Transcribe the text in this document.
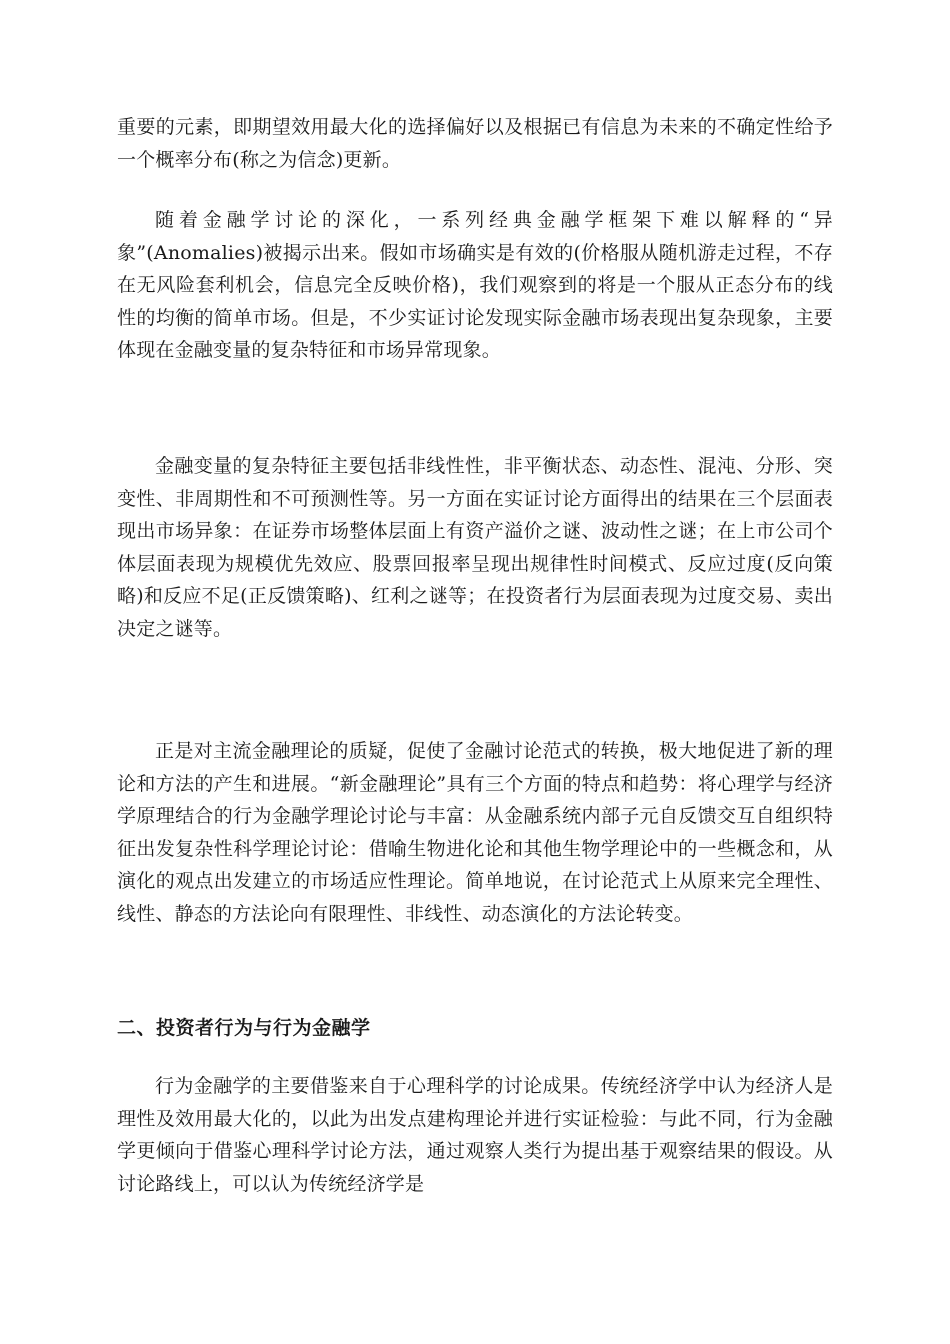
重要的元素，即期望效用最大化的选择偏好以及根据已有信息为未来的不确定性给予一个概率分布(称之为信念)更新。

随着金融学讨论的深化，一系列经典金融学框架下难以解释的“异象”(Anomalies)被揭示出来。假如市场确实是有效的(价格服从随机游走过程，不存在无风险套利机会，信息完全反映价格)，我们观察到的将是一个服从正态分布的线性的均衡的简单市场。但是，不少实证讨论发现实际金融市场表现出复杂现象，主要体现在金融变量的复杂特征和市场异常现象。

金融变量的复杂特征主要包括非线性性，非平衡状态、动态性、混沌、分形、突变性、非周期性和不可预测性等。另一方面在实证讨论方面得出的结果在三个层面表现出市场异象：在证券市场整体层面上有资产溢价之谜、波动性之谜；在上市公司个体层面表现为规模优先效应、股票回报率呈现出规律性时间模式、反应过度(反向策略)和反应不足(正反馈策略)、红利之谜等；在投资者行为层面表现为过度交易、卖出决定之谜等。

正是对主流金融理论的质疑，促使了金融讨论范式的转换，极大地促进了新的理论和方法的产生和进展。“新金融理论”具有三个方面的特点和趋势：将心理学与经济学原理结合的行为金融学理论讨论与丰富：从金融系统内部子元自反馈交互自组织特征出发复杂性科学理论讨论：借喻生物进化论和其他生物学理论中的一些概念和，从演化的观点出发建立的市场适应性理论。简单地说，在讨论范式上从原来完全理性、线性、静态的方法论向有限理性、非线性、动态演化的方法论转变。

二、投资者行为与行为金融学

行为金融学的主要借鉴来自于心理科学的讨论成果。传统经济学中认为经济人是理性及效用最大化的，以此为出发点建构理论并进行实证检验：与此不同，行为金融学更倾向于借鉴心理科学讨论方法，通过观察人类行为提出基于观察结果的假设。从讨论路线上，可以认为传统经济学是
